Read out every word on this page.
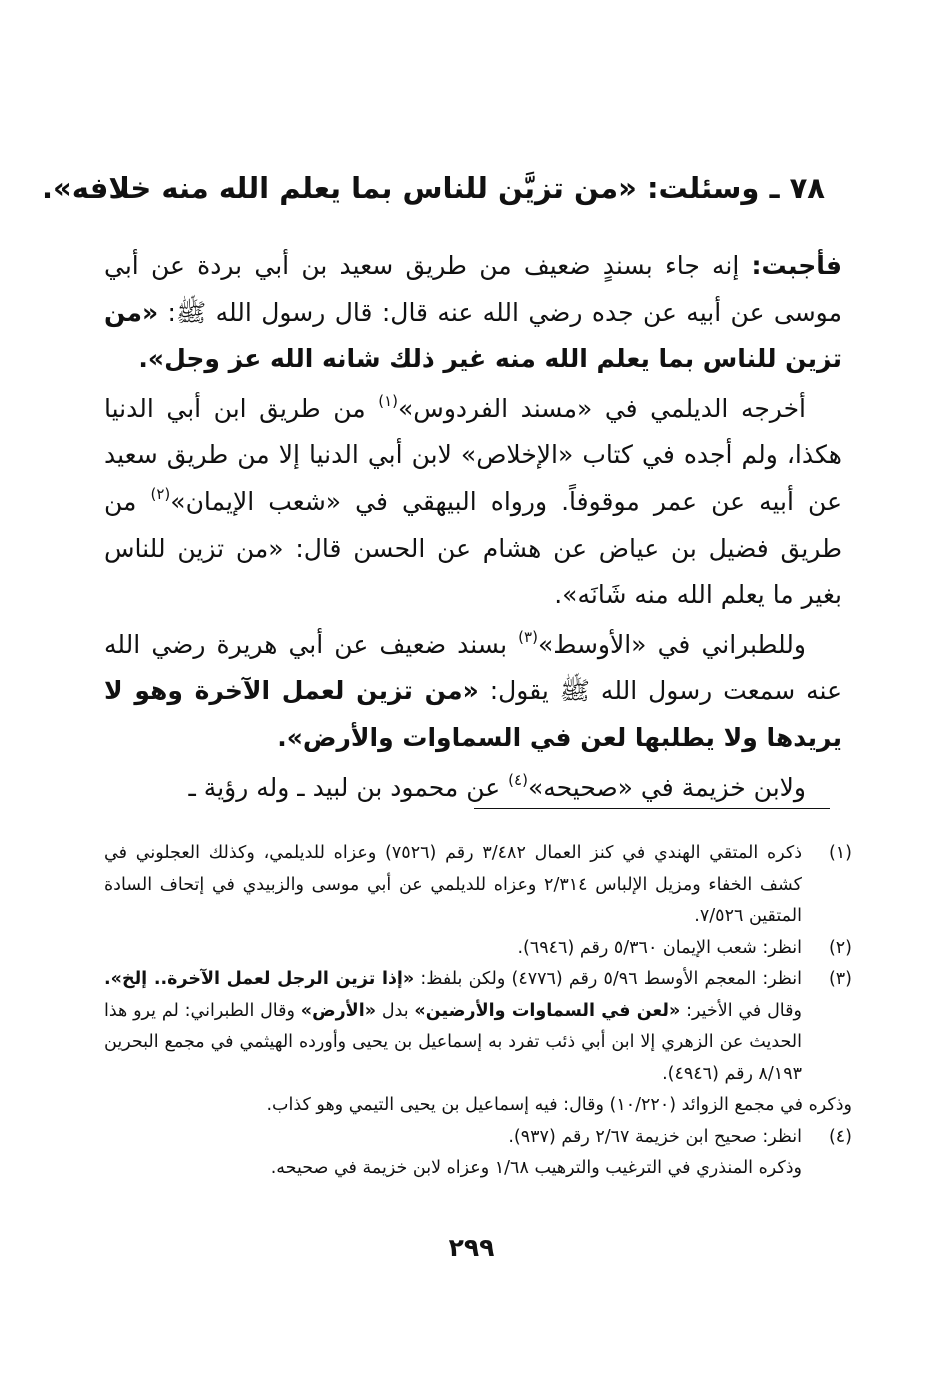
٧٨ ـ وسئلت: «من تزيَّن للناس بما يعلم الله منه خلافه».

فأجبت: إنه جاء بسندٍ ضعيف من طريق سعيد بن أبي بردة عن أبي موسى عن أبيه عن جده رضي الله عنه قال: قال رسول الله ﷺ: «من تزين للناس بما يعلم الله منه غير ذلك شانه الله عز وجل».

أخرجه الديلمي في «مسند الفردوس»$^{(١)}$ من طريق ابن أبي الدنيا هكذا، ولم أجده في كتاب «الإخلاص» لابن أبي الدنيا إلا من طريق سعيد عن أبيه عن عمر موقوفاً. ورواه البيهقي في «شعب الإيمان»$^{(٢)}$ من طريق فضيل بن عياض عن هشام عن الحسن قال: «من تزين للناس بغير ما يعلم الله منه شَانَه».

وللطبراني في «الأوسط»$^{(٣)}$ بسند ضعيف عن أبي هريرة رضي الله عنه سمعت رسول الله ﷺ يقول: «من تزين لعمل الآخرة وهو لا يريدها ولا يطلبها لعن في السماوات والأرض».

ولابن خزيمة في «صحيحه»$^{(٤)}$ عن محمود بن لبيد ـ وله رؤية ـ

(١)
ذكره المتقي الهندي في كنز العمال ٣/٤٨٢ رقم (٧٥٢٦) وعزاه للديلمي، وكذلك العجلوني في كشف الخفاء ومزيل الإلباس ٢/٣١٤ وعزاه للديلمي عن أبي موسى والزبيدي في إتحاف السادة المتقين ٧/٥٢٦.
(٢)
انظر: شعب الإيمان ٥/٣٦٠ رقم (٦٩٤٦).
(٣)
انظر: المعجم الأوسط ٥/٩٦ رقم (٤٧٧٦) ولكن بلفظ: «إذا تزين الرجل لعمل الآخرة.. إلخ». وقال في الأخير: «لعن في السماوات والأرضين» بدل «الأرض» وقال الطبراني: لم يرو هذا الحديث عن الزهري إلا ابن أبي ذئب تفرد به إسماعيل بن يحيى وأورده الهيثمي في مجمع البحرين ٨/١٩٣ رقم (٤٩٤٦).
وذكره في مجمع الزوائد (١٠/٢٢٠) وقال: فيه إسماعيل بن يحيى التيمي وهو كذاب.
(٤)
انظر: صحيح ابن خزيمة ٢/٦٧ رقم (٩٣٧).
وذكره المنذري في الترغيب والترهيب ١/٦٨ وعزاه لابن خزيمة في صحيحه.
٢٩٩
